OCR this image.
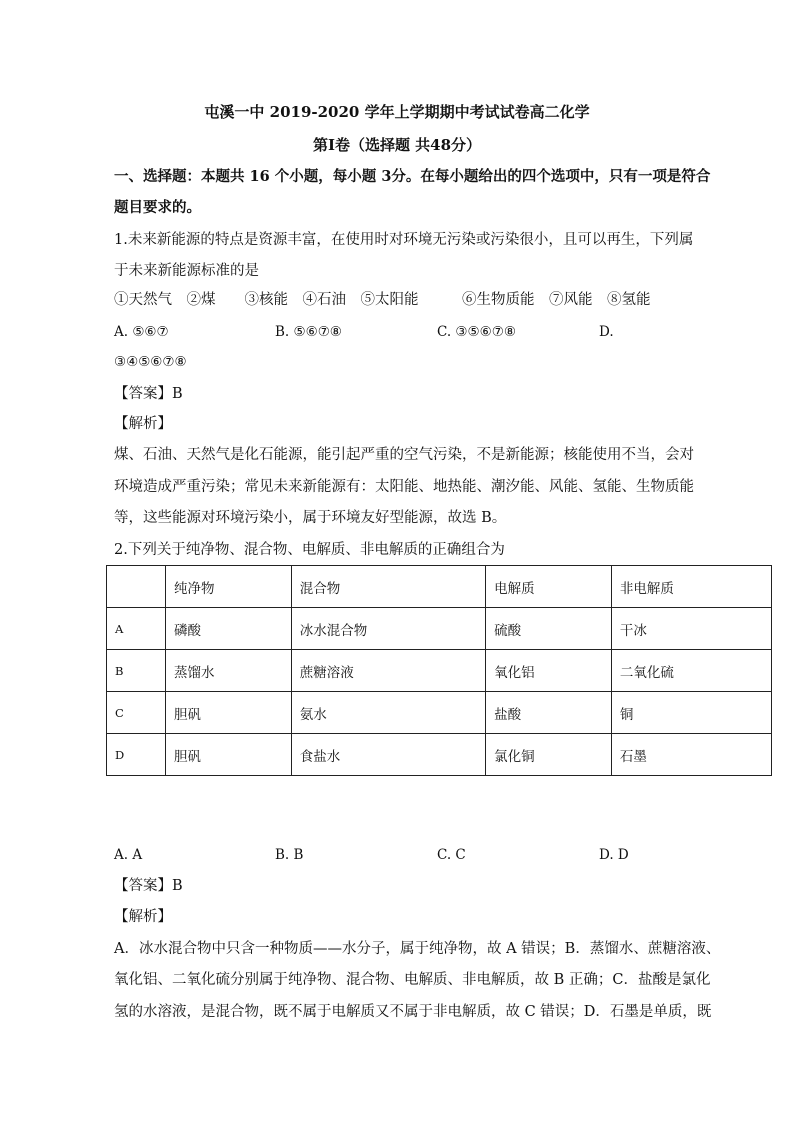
屯溪一中 2019-2020 学年上学期期中考试试卷高二化学
第Ⅰ卷（选择题 共48分）
一、选择题：本题共 16 个小题，每小题 3分。在每小题给出的四个选项中，只有一项是符合
题目要求的。
1.未来新能源的特点是资源丰富，在使用时对环境无污染或污染很小，且可以再生，下列属
于未来新能源标准的是
①天然气　②煤　　③核能　④石油　⑤太阳能　　　⑥生物质能　⑦风能　⑧氢能
A. ⑤⑥⑦	B. ⑤⑥⑦⑧	C. ③⑤⑥⑦⑧	D.
③④⑤⑥⑦⑧
【答案】B
【解析】
煤、石油、天然气是化石能源，能引起严重的空气污染，不是新能源；核能使用不当，会对
环境造成严重污染；常见未来新能源有：太阳能、地热能、潮汐能、风能、氢能、生物质能
等，这些能源对环境污染小，属于环境友好型能源，故选 B。
2.下列关于纯净物、混合物、电解质、非电解质的正确组合为
	纯净物	混合物	电解质	非电解质
A	磷酸	冰水混合物	硫酸	干冰
B	蒸馏水	蔗糖溶液	氧化铝	二氧化硫
C	胆矾	氨水	盐酸	铜
D	胆矾	食盐水	氯化铜	石墨
A. A	B. B	C. C	D. D
【答案】B
【解析】
A．冰水混合物中只含一种物质——水分子，属于纯净物，故 A 错误；B．蒸馏水、蔗糖溶液、
氧化铝、二氧化硫分别属于纯净物、混合物、电解质、非电解质，故 B 正确；C．盐酸是氯化
氢的水溶液，是混合物，既不属于电解质又不属于非电解质，故 C 错误；D．石墨是单质，既
